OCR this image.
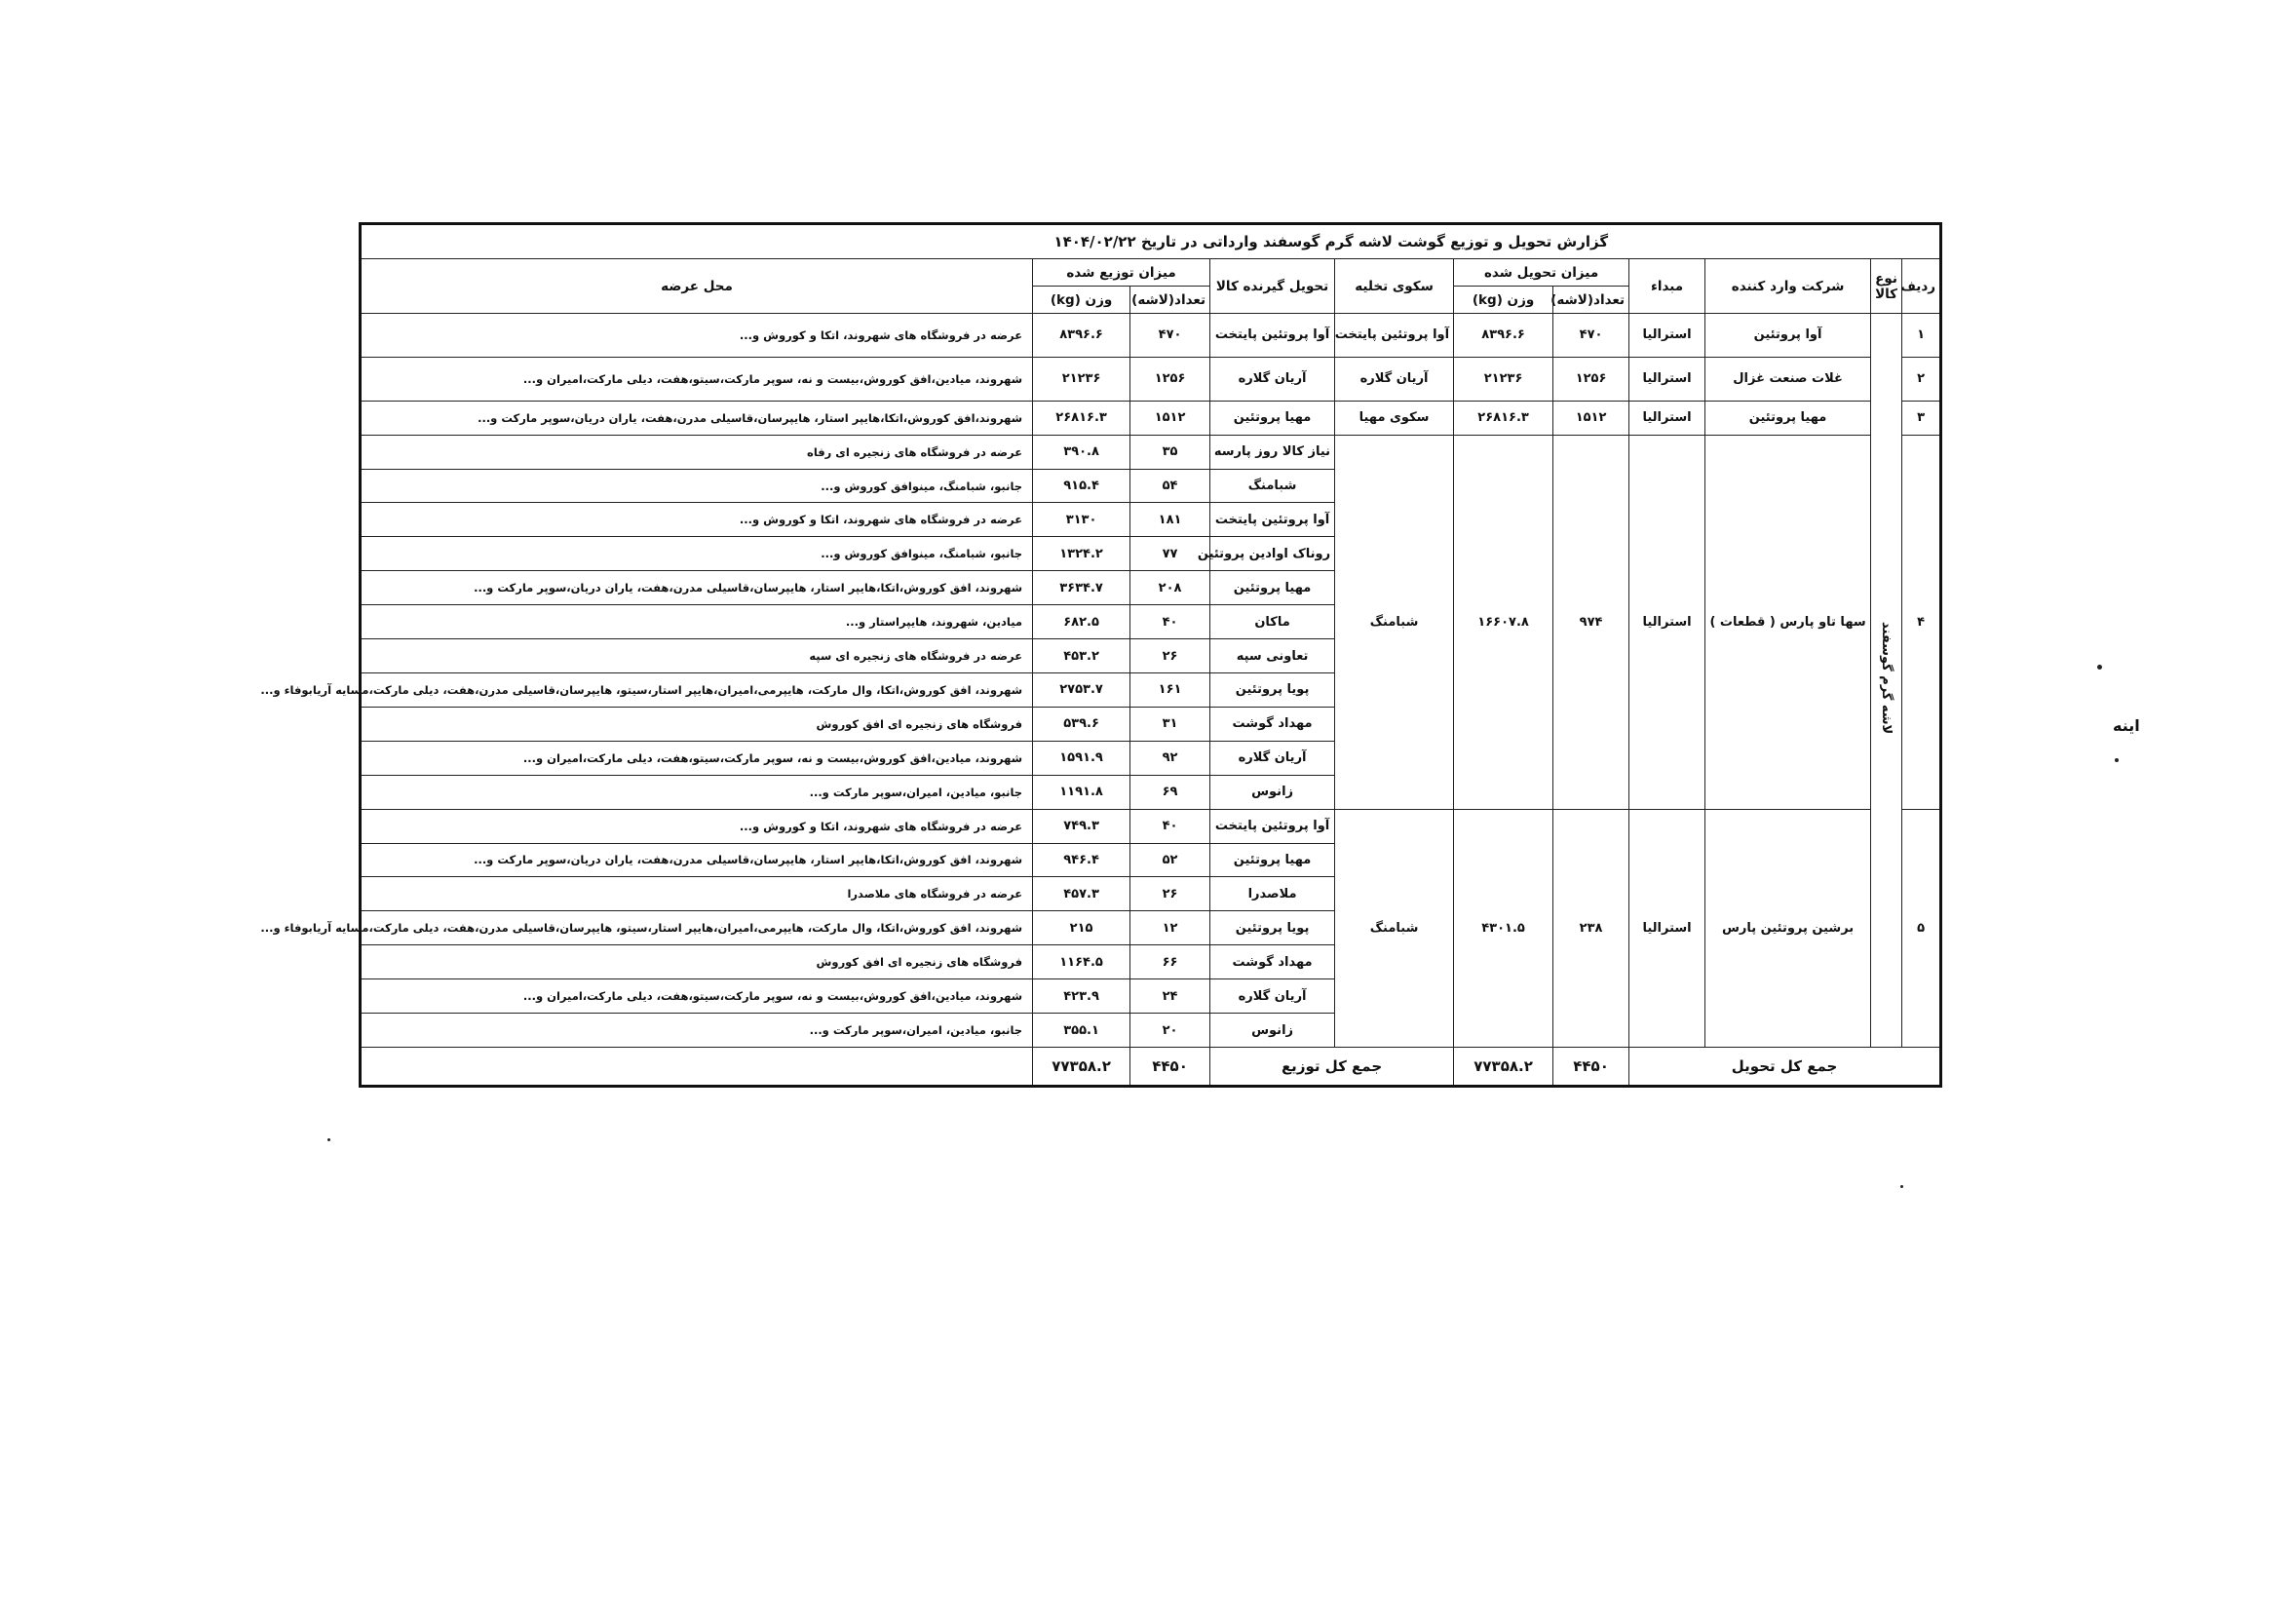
گزارش تحویل و توزیع گوشت لاشه گرم گوسفند وارداتی در تاریخ ۱۴۰۴/۰۲/۲۲										
ردیف	نوع کالا	شرکت وارد کننده	مبداء	میزان تحویل شده		سکوی تخلیه	تحویل گیرنده کالا	میزان توزیع شده		محل عرضه
				تعداد(لاشه)	وزن (kg)			تعداد(لاشه)	وزن (kg)	
۱	لاشه گرم گوسفند	آوا پروتئین	استرالیا	۴۷۰	۸۳۹۶.۶	آوا پروتئین پایتخت	آوا پروتئین پایتخت	۴۷۰	۸۳۹۶.۶	عرضه در فروشگاه های شهروند، اتکا و کوروش و...
۲		غلات صنعت غزال	استرالیا	۱۲۵۶	۲۱۲۳۶	آریان گلاره	آریان گلاره	۱۲۵۶	۲۱۲۳۶	شهروند، میادین،افق کوروش،بیست و نه، سوپر مارکت،سیتو،هفت، دیلی مارکت،امیران و...
۳		مهیا پروتئین	استرالیا	۱۵۱۲	۲۶۸۱۶.۳	سکوی مهیا	مهیا پروتئین	۱۵۱۲	۲۶۸۱۶.۳	شهروند،افق کوروش،اتکا،هایپر استار، هایپرسان،قاسیلی مدرن،هفت، یاران دریان،سوپر مارکت و...
۴		سها تاو پارس ( قطعات )	استرالیا	۹۷۴	۱۶۶۰۷.۸	شبامنگ	نیاز کالا روز پارسه	۳۵	۳۹۰.۸	عرضه در فروشگاه های زنجیره ای رفاه
							شبامنگ	۵۴	۹۱۵.۴	جانبو، شبامنگ، مینوافق کوروش و...
							آوا پروتئین پایتخت	۱۸۱	۳۱۳۰	عرضه در فروشگاه های شهروند، اتکا و کوروش و...
							روناک اوادین پروتئین	۷۷	۱۳۲۴.۲	جانبو، شبامنگ، مینوافق کوروش و...
							مهیا پروتئین	۲۰۸	۳۶۳۴.۷	شهروند، افق کوروش،اتکا،هایپر استار، هایپرسان،قاسیلی مدرن،هفت، یاران دریان،سوپر مارکت و...
							ماکان	۴۰	۶۸۲.۵	میادین، شهروند، هایپراستار و...
							تعاونی سپه	۲۶	۴۵۳.۲	عرضه در فروشگاه های زنجیره ای سپه
							پویا پروتئین	۱۶۱	۲۷۵۳.۷	شهروند، افق کوروش،اتکا، وال مارکت، هایپرمی،امیران،هایپر استار،سیتو، هایپرسان،قاسیلی مدرن،هفت، دیلی مارکت،مسایه آریابوفاء و...
							مهداد گوشت	۳۱	۵۳۹.۶	فروشگاه های زنجیره ای افق کوروش
							آریان گلاره	۹۲	۱۵۹۱.۹	شهروند، میادین،افق کوروش،بیست و نه، سوپر مارکت،سیتو،هفت، دیلی مارکت،امیران و...
							زانوس	۶۹	۱۱۹۱.۸	جانبو، میادین، امیران،سوپر مارکت و...
۵		برشین پروتئین پارس	استرالیا	۲۳۸	۴۳۰۱.۵	شبامنگ	آوا پروتئین پایتخت	۴۰	۷۴۹.۳	عرضه در فروشگاه های شهروند، اتکا و کوروش و...
							مهیا پروتئین	۵۲	۹۴۶.۴	شهروند، افق کوروش،اتکا،هایپر استار، هایپرسان،قاسیلی مدرن،هفت، یاران دریان،سوپر مارکت و...
							ملاصدرا	۲۶	۴۵۷.۳	عرضه در فروشگاه های ملاصدرا
							پویا پروتئین	۱۲	۲۱۵	شهروند، افق کوروش،اتکا، وال مارکت، هایپرمی،امیران،هایپر استار،سیتو، هایپرسان،قاسیلی مدرن،هفت، دیلی مارکت،مسایه آریابوفاء و...
							مهداد گوشت	۶۶	۱۱۶۴.۵	فروشگاه های زنجیره ای افق کوروش
							آریان گلاره	۲۴	۴۲۳.۹	شهروند، میادین،افق کوروش،بیست و نه، سوپر مارکت،سیتو،هفت، دیلی مارکت،امیران و...
							زانوس	۲۰	۳۵۵.۱	جانبو، میادین، امیران،سوپر مارکت و...
جمع کل تحویل				۴۴۵۰	۷۷۳۵۸.۲	جمع کل توزیع		۴۴۵۰	۷۷۳۵۸.۲	
اینه
